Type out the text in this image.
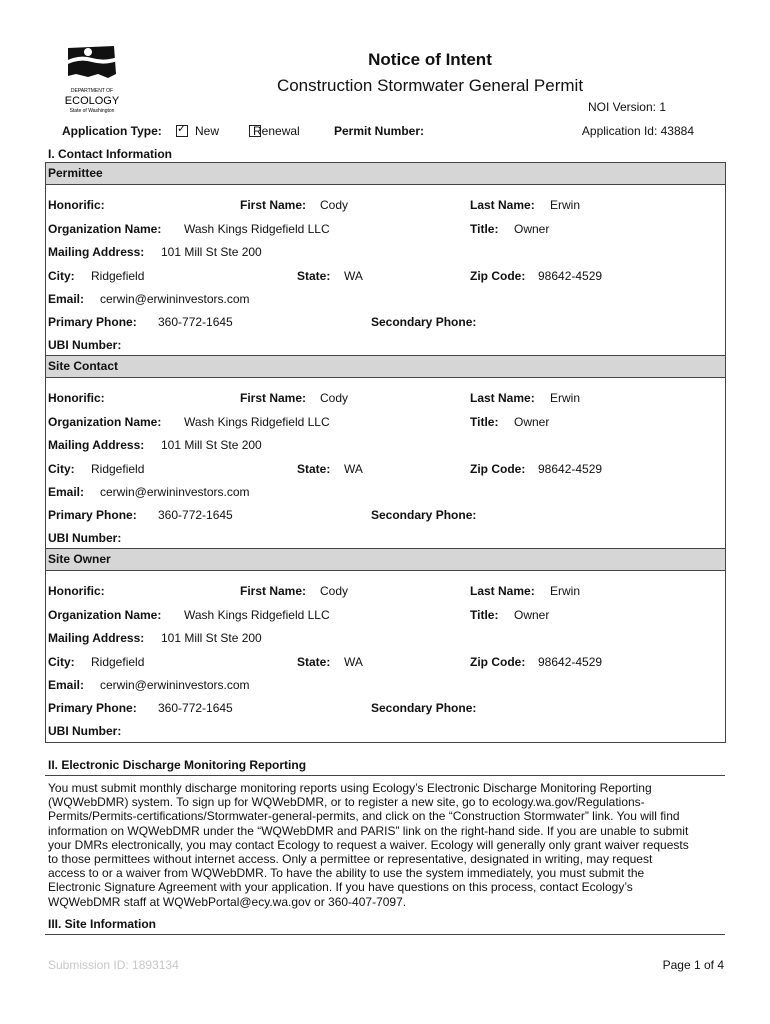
DEPARTMENT OF
ECOLOGY
State of Washington
Notice of Intent
Construction Stormwater General Permit
NOI Version: 1
Application Type:
✓	New	Renewal	Permit Number:	Application Id: 43884
I. Contact Information
Permittee
Honorific:	First Name: Cody	Last Name: Erwin
Organization Name: Wash Kings Ridgefield LLC	Title: Owner
Mailing Address: 101 Mill St Ste 200
City: Ridgefield	State: WA	Zip Code: 98642-4529
Email: cerwin@erwininvestors.com
Primary Phone: 360-772-1645	Secondary Phone:
UBI Number:
Site Contact
Honorific:	First Name: Cody	Last Name: Erwin
Organization Name: Wash Kings Ridgefield LLC	Title: Owner
Mailing Address: 101 Mill St Ste 200
City: Ridgefield	State: WA	Zip Code: 98642-4529
Email: cerwin@erwininvestors.com
Primary Phone: 360-772-1645	Secondary Phone:
UBI Number:
Site Owner
Honorific:	First Name: Cody	Last Name: Erwin
Organization Name: Wash Kings Ridgefield LLC	Title: Owner
Mailing Address: 101 Mill St Ste 200
City: Ridgefield	State: WA	Zip Code: 98642-4529
Email: cerwin@erwininvestors.com
Primary Phone: 360-772-1645	Secondary Phone:
UBI Number:
II. Electronic Discharge Monitoring Reporting
You must submit monthly discharge monitoring reports using Ecology’s Electronic Discharge Monitoring Reporting
(WQWebDMR) system. To sign up for WQWebDMR, or to register a new site, go to ecology.wa.gov/Regulations-
Permits/Permits-certifications/Stormwater-general-permits, and click on the “Construction Stormwater” link. You will find
information on WQWebDMR under the “WQWebDMR and PARIS” link on the right-hand side. If you are unable to submit
your DMRs electronically, you may contact Ecology to request a waiver. Ecology will generally only grant waiver requests
to those permittees without internet access. Only a permittee or representative, designated in writing, may request
access to or a waiver from WQWebDMR. To have the ability to use the system immediately, you must submit the
Electronic Signature Agreement with your application. If you have questions on this process, contact Ecology’s
WQWebDMR staff at WQWebPortal@ecy.wa.gov or 360-407-7097.
III. Site Information
Submission ID: 1893134	Page 1 of 4
